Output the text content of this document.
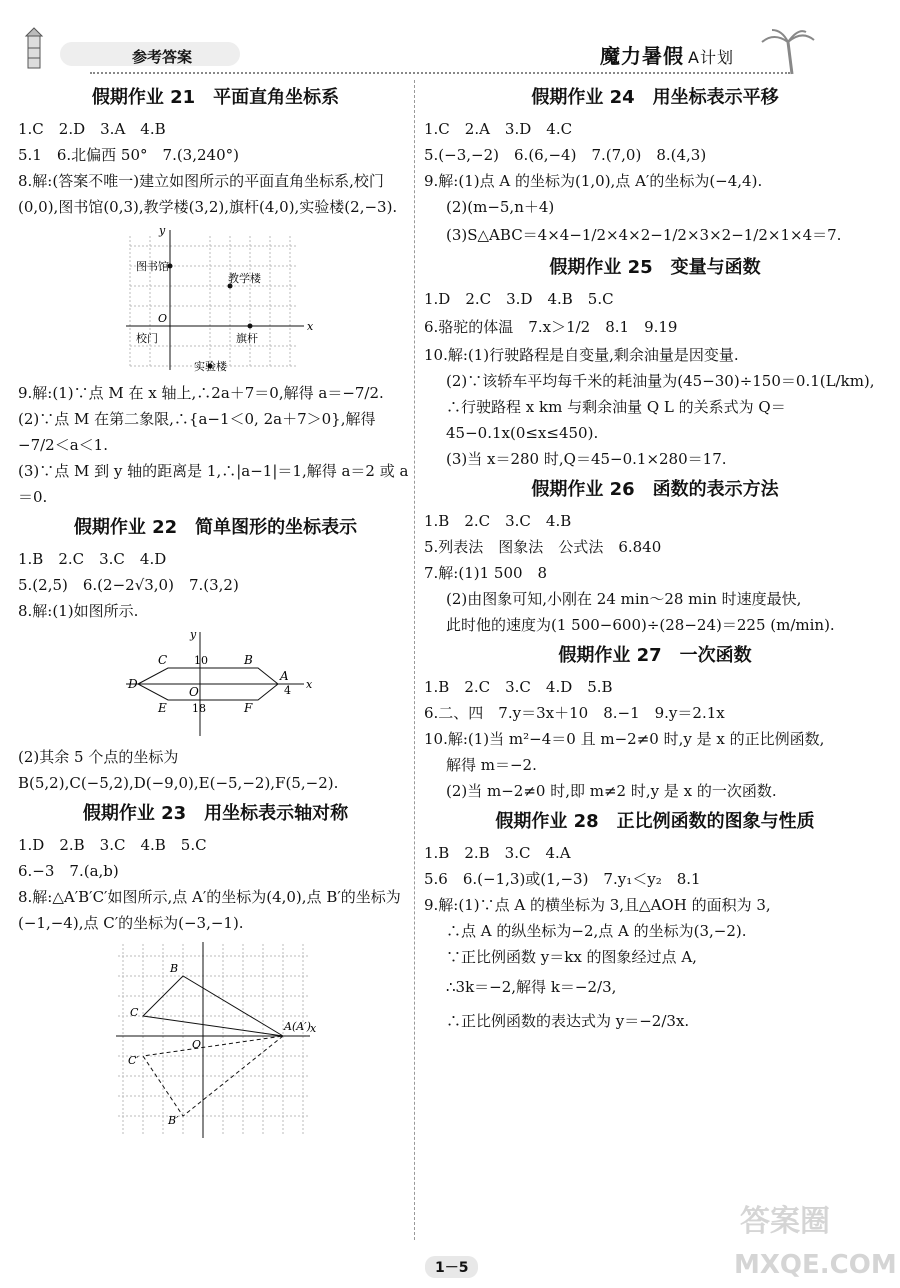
参考答案	魔力暑假 A计划
假期作业 21　平面直角坐标系
1.C　2.D　3.A　4.B
5.1　6.北偏西 50°　7.(3,240°)
8.解:(答案不唯一)建立如图所示的平面直角坐标系,校门(0,0),图书馆(0,3),教学楼(3,2),旗杆(4,0),实验楼(2,−3).
y
x
O
图书馆
教学楼
校门	旗杆
实验楼
9.解:(1)∵点 M 在 x 轴上,∴2a＋7＝0,解得 a＝−7/2.
(2)∵点 M 在第二象限,∴{a−1＜0, 2a＋7＞0},解得 −7/2＜a＜1.
(3)∵点 M 到 y 轴的距离是 1,∴|a−1|＝1,解得 a＝2 或 a＝0.
假期作业 22　简单图形的坐标表示
1.B　2.C　3.C　4.D
5.(2,5)　6.(2−2√3,0)　7.(3,2)
8.解:(1)如图所示.
C	B
D
A
E	F
O
10
18
4 x
y
(2)其余 5 个点的坐标为 B(5,2),C(−5,2),D(−9,0),E(−5,−2),F(5,−2).
假期作业 23　用坐标表示轴对称
1.D　2.B　3.C　4.B　5.C
6.−3　7.(a,b)
8.解:△A′B′C′如图所示,点 A′的坐标为(4,0),点 B′的坐标为(−1,−4),点 C′的坐标为(−3,−1).
A(A′)
B
C
B′
C′
O
x
假期作业 24　用坐标表示平移
1.C　2.A　3.D　4.C
5.(−3,−2)　6.(6,−4)　7.(7,0)　8.(4,3)
9.解:(1)点 A 的坐标为(1,0),点 A′的坐标为(−4,4).
(2)(m−5,n＋4)
(3)S△ABC＝4×4−1/2×4×2−1/2×3×2−1/2×1×4＝7.
假期作业 25　变量与函数
1.D　2.C　3.D　4.B　5.C
6.骆驼的体温　7.x＞1/2　8.1　9.19
10.解:(1)行驶路程是自变量,剩余油量是因变量.
(2)∵该轿车平均每千米的耗油量为(45−30)÷150＝0.1(L/km),
∴行驶路程 x km 与剩余油量 Q L 的关系式为 Q＝45−0.1x(0≤x≤450).
(3)当 x＝280 时,Q＝45−0.1×280＝17.
假期作业 26　函数的表示方法
1.B　2.C　3.C　4.B
5.列表法　图象法　公式法　6.840
7.解:(1)1 500　8
(2)由图象可知,小刚在 24 min～28 min 时速度最快,
此时他的速度为(1 500−600)÷(28−24)＝225 (m/min).
假期作业 27　一次函数
1.B　2.C　3.C　4.D　5.B
6.二、四　7.y＝3x＋10　8.−1　9.y＝2.1x
10.解:(1)当 m²−4＝0 且 m−2≠0 时,y 是 x 的正比例函数,
解得 m＝−2.
(2)当 m−2≠0 时,即 m≠2 时,y 是 x 的一次函数.
假期作业 28　正比例函数的图象与性质
1.B　2.B　3.C　4.A
5.6　6.(−1,3)或(1,−3)　7.y₁＜y₂　8.1
9.解:(1)∵点 A 的横坐标为 3,且△AOH 的面积为 3,
∴点 A 的纵坐标为−2,点 A 的坐标为(3,−2).
∵正比例函数 y＝kx 的图象经过点 A,
∴3k＝−2,解得 k＝−2/3,
∴正比例函数的表达式为 y＝−2/3x.
答案圈
MXQE.COM
1－5
